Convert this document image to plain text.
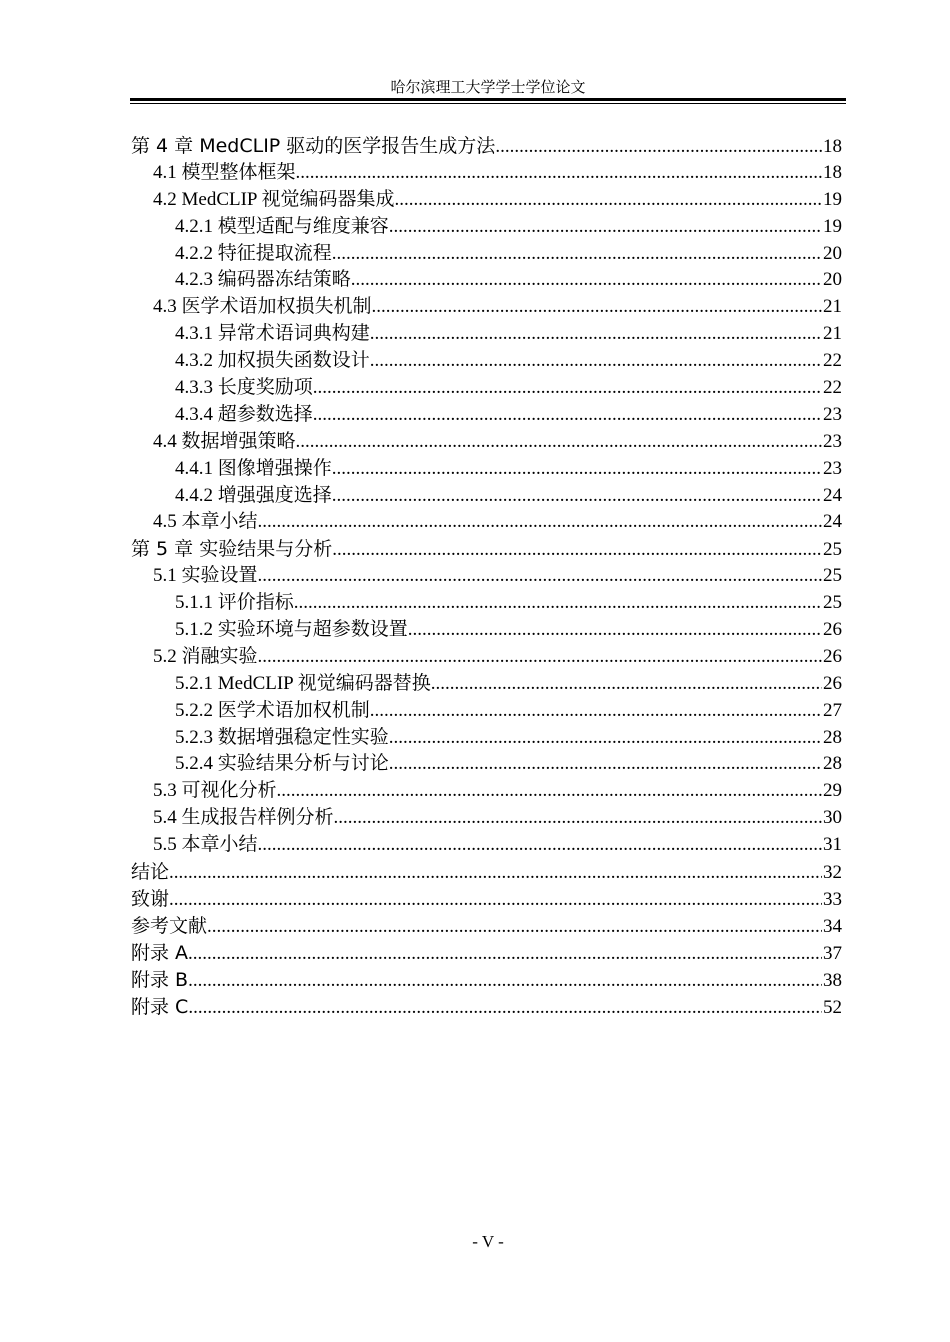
哈尔滨理工大学学士学位论文
第 4 章 MedCLIP 驱动的医学报告生成方法 .....	18
4.1 模型整体框架 .....	18
4.2 MedCLIP 视觉编码器集成 .....	19
4.2.1 模型适配与维度兼容 .....	19
4.2.2 特征提取流程 .....	20
4.2.3 编码器冻结策略 .....	20
4.3 医学术语加权损失机制 .....	21
4.3.1 异常术语词典构建 .....	21
4.3.2 加权损失函数设计 .....	22
4.3.3 长度奖励项 .....	22
4.3.4 超参数选择 .....	23
4.4 数据增强策略 .....	23
4.4.1 图像增强操作 .....	23
4.4.2 增强强度选择 .....	24
4.5 本章小结 .....	24
第 5 章 实验结果与分析 .....	25
5.1 实验设置 .....	25
5.1.1 评价指标 .....	25
5.1.2 实验环境与超参数设置 .....	26
5.2 消融实验 .....	26
5.2.1 MedCLIP 视觉编码器替换 .....	26
5.2.2 医学术语加权机制 .....	27
5.2.3 数据增强稳定性实验 .....	28
5.2.4 实验结果分析与讨论 .....	28
5.3 可视化分析 .....	29
5.4 生成报告样例分析 .....	30
5.5 本章小结 .....	31
结论 .....	32
致谢 .....	33
参考文献 .....	34
附录 A .....	37
附录 B .....	38
附录 C .....	52
- V -
